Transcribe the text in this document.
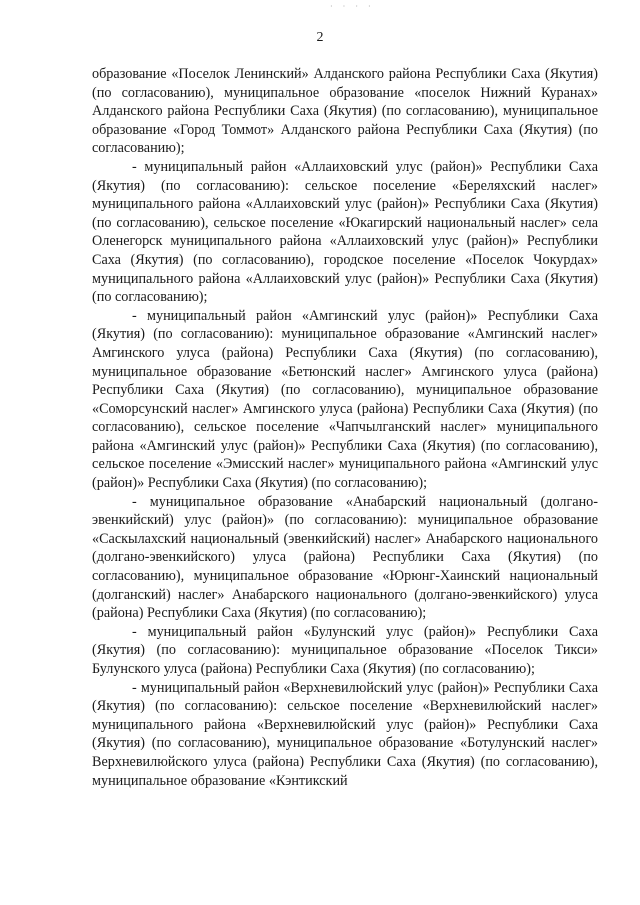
· · · ·
2

образование «Поселок Ленинский» Алданского района Республики Саха (Якутия) (по согласованию), муниципальное образование «поселок Нижний Куранах» Алданского района Республики Саха (Якутия) (по согласованию), муниципальное образование «Город Томмот» Алданского района Республики Саха (Якутия) (по согласованию);

- муниципальный район «Аллаиховский улус (район)» Республики Саха (Якутия) (по согласованию): сельское поселение «Береляхский наслег» муниципального района «Аллаиховский улус (район)» Республики Саха (Якутия) (по согласованию), сельское поселение «Юкагирский национальный наслег» села Оленегорск муниципального района «Аллаиховский улус (район)» Республики Саха (Якутия) (по согласованию), городское поселение «Поселок Чокурдах» муниципального района «Аллаиховский улус (район)» Республики Саха (Якутия) (по согласованию);

- муниципальный район «Амгинский улус (район)» Республики Саха (Якутия) (по согласованию): муниципальное образование «Амгинский наслег» Амгинского улуса (района) Республики Саха (Якутия) (по согласованию), муниципальное образование «Бетюнский наслег» Амгинского улуса (района) Республики Саха (Якутия) (по согласованию), муниципальное образование «Соморсунский наслег» Амгинского улуса (района) Республики Саха (Якутия) (по согласованию), сельское поселение «Чапчылганский наслег» муниципального района «Амгинский улус (район)» Республики Саха (Якутия) (по согласованию), сельское поселение «Эмисский наслег» муниципального района «Амгинский улус (район)» Республики Саха (Якутия) (по согласованию);

- муниципальное образование «Анабарский национальный (долгано-эвенкийский) улус (район)» (по согласованию): муниципальное образование «Саскылахский национальный (эвенкийский) наслег» Анабарского национального (долгано-эвенкийского) улуса (района) Республики Саха (Якутия) (по согласованию), муниципальное образование «Юрюнг-Хаинский национальный (долганский) наслег» Анабарского национального (долгано-эвенкийского) улуса (района) Республики Саха (Якутия) (по согласованию);

- муниципальный район «Булунский улус (район)» Республики Саха (Якутия) (по согласованию): муниципальное образование «Поселок Тикси» Булунского улуса (района) Республики Саха (Якутия) (по согласованию);

- муниципальный район «Верхневилюйский улус (район)» Республики Саха (Якутия) (по согласованию): сельское поселение «Верхневилюйский наслег» муниципального района «Верхневилюйский улус (район)» Республики Саха (Якутия) (по согласованию), муниципальное образование «Ботулунский наслег» Верхневилюйского улуса (района) Республики Саха (Якутия) (по согласованию), муниципальное образование «Кэнтикский
